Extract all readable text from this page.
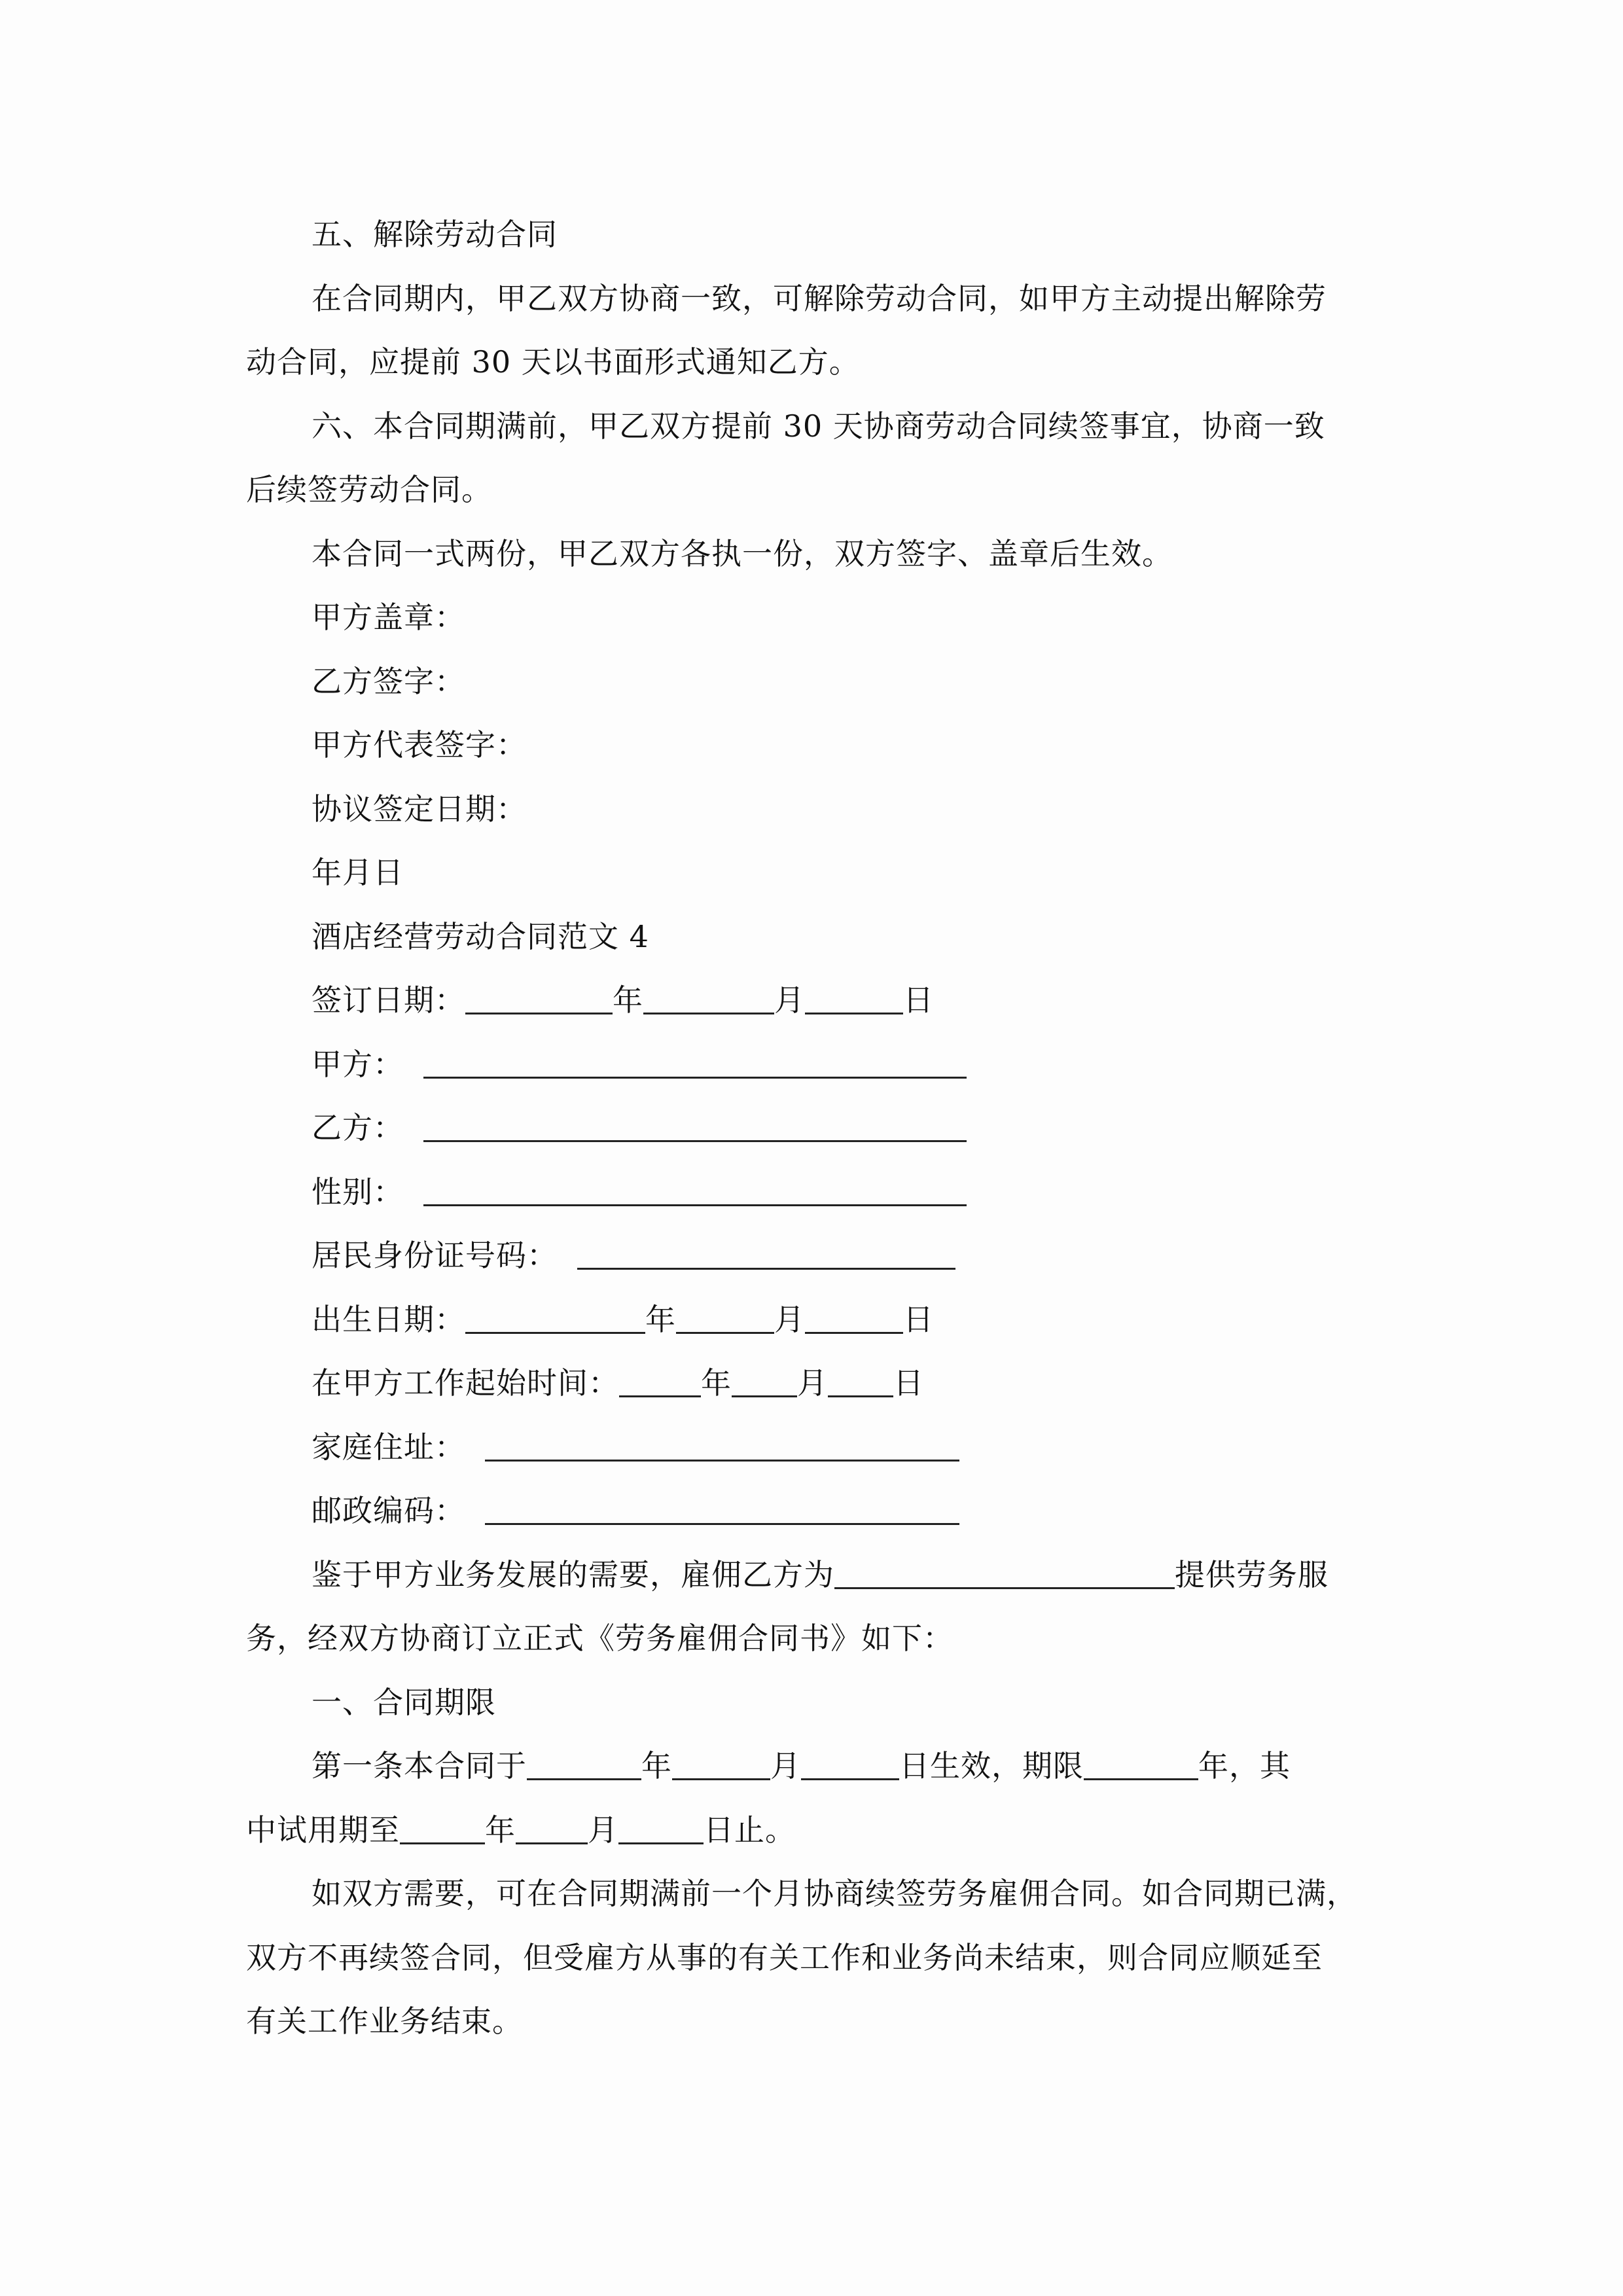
五、解除劳动合同
在合同期内，甲乙双方协商一致，可解除劳动合同，如甲方主动提出解除劳
动合同，应提前 30 天以书面形式通知乙方。
六、本合同期满前，甲乙双方提前 30 天协商劳动合同续签事宜，协商一致
后续签劳动合同。
本合同一式两份，甲乙双方各执一份，双方签字、盖章后生效。
甲方盖章：
乙方签字：
甲方代表签字：
协议签定日期：
年月日
酒店经营劳动合同范文 4
签订日期：	年	月	日
甲方：
乙方：
性别：
居民身份证号码：
出生日期：	年	月	日
在甲方工作起始时间：	年 月 日
家庭住址：
邮政编码：
鉴于甲方业务发展的需要，雇佣乙方为	提供劳务服
务，经双方协商订立正式《劳务雇佣合同书》如下：
一、合同期限
第一条本合同于	年	月	日生效，期限	年，其
中试用期至	年 月	日止。
如双方需要，可在合同期满前一个月协商续签劳务雇佣合同。如合同期已满，
双方不再续签合同，但受雇方从事的有关工作和业务尚未结束，则合同应顺延至
有关工作业务结束。
